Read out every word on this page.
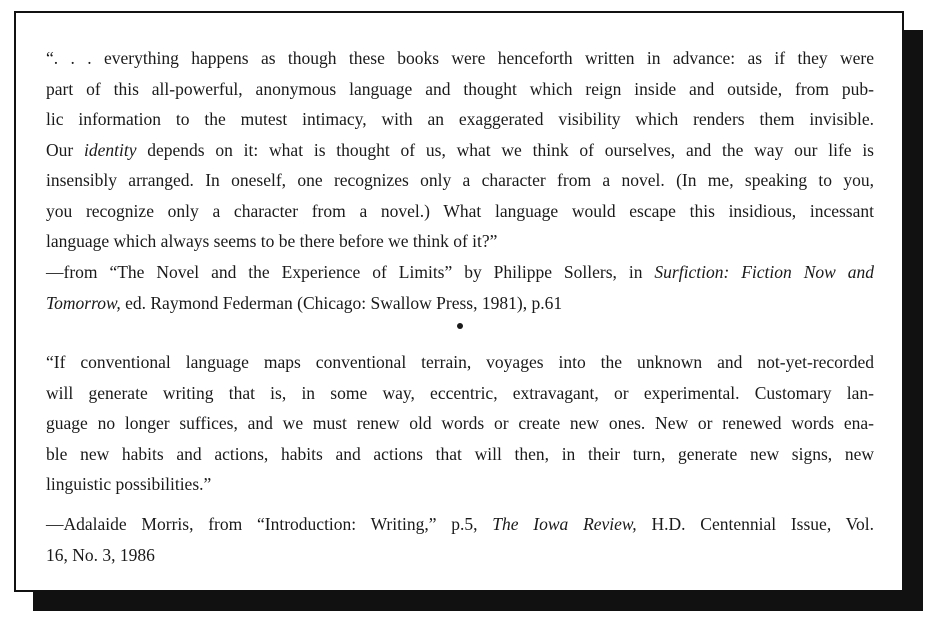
“. . . everything happens as though these books were henceforth written in advance: as if they were
part of this all-powerful, anonymous language and thought which reign inside and outside, from pub-
lic information to the mutest intimacy, with an exaggerated visibility which renders them invisible.
Our identity depends on it: what is thought of us, what we think of ourselves, and the way our life is
insensibly arranged. In oneself, one recognizes only a character from a novel. (In me, speaking to you,
you recognize only a character from a novel.) What language would escape this insidious, incessant
language which always seems to be there before we think of it?”
—from “The Novel and the Experience of Limits” by Philippe Sollers, in Surfiction: Fiction Now and
Tomorrow, ed. Raymond Federman (Chicago: Swallow Press, 1981), p.61
“If conventional language maps conventional terrain, voyages into the unknown and not-yet-recorded
will generate writing that is, in some way, eccentric, extravagant, or experimental. Customary lan-
guage no longer suffices, and we must renew old words or create new ones. New or renewed words ena-
ble new habits and actions, habits and actions that will then, in their turn, generate new signs, new
linguistic possibilities.”
—Adalaide Morris, from “Introduction: Writing,” p.5, The Iowa Review, H.D. Centennial Issue, Vol.
16, No. 3, 1986
